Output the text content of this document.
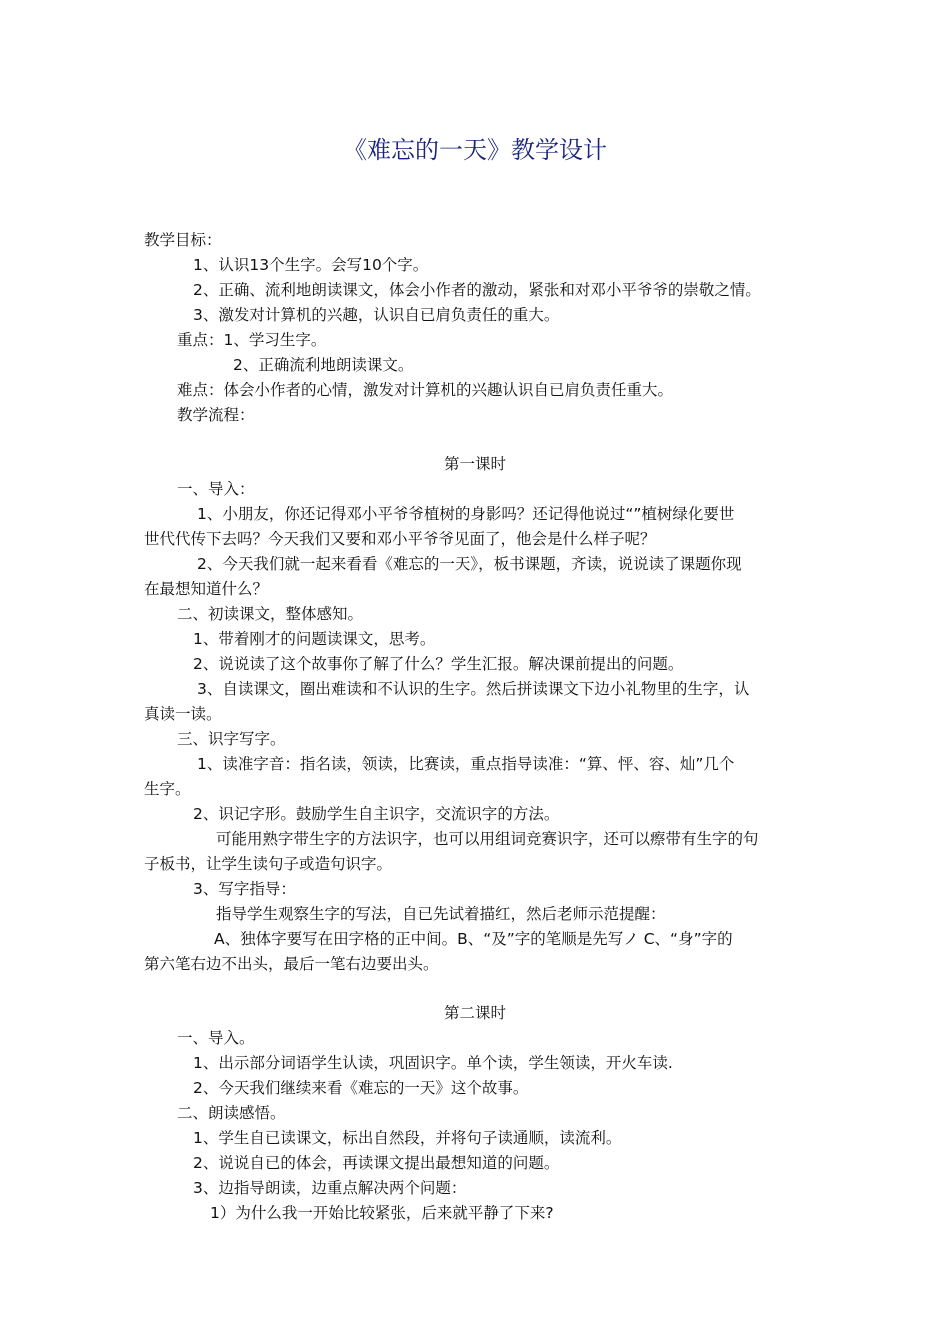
《难忘的一天》教学设计
教学目标：
1、认识13个生字。会写10个字。
2、正确、流利地朗读课文，体会小作者的激动，紧张和对邓小平爷爷的崇敬之情。
3、激发对计算机的兴趣，认识自已肩负责任的重大。
重点：1、学习生字。
2、正确流利地朗读课文。
难点：体会小作者的心情，激发对计算机的兴趣认识自已肩负责任重大。
教学流程：
第一课时
一、导入：
1、小朋友，你还记得邓小平爷爷植树的身影吗？还记得他说过“”植树绿化要世
世代代传下去吗？今天我们又要和邓小平爷爷见面了，他会是什么样子呢？
2、今天我们就一起来看看《难忘的一天》，板书课题，齐读，说说读了课题你现
在最想知道什么？
二、初读课文，整体感知。
1、带着刚才的问题读课文，思考。
2、说说读了这个故事你了解了什么？学生汇报。解决课前提出的问题。
3、自读课文，圈出难读和不认识的生字。然后拼读课文下边小礼物里的生字，认
真读一读。
三、识字写字。
1、读准字音：指名读，领读，比赛读，重点指导读准：“算、怦、容、灿”几个
生字。
2、识记字形。鼓励学生自主识字，交流识字的方法。
可能用熟字带生字的方法识字，也可以用组词竞赛识字，还可以瘵带有生字的句
子板书，让学生读句子或造句识字。
3、写字指导：
指导学生观察生字的写法，自已先试着描红，然后老师示范提醒：
A、独体字要写在田字格的正中间。B、“及”字的笔顺是先写ノ C、“身”字的
第六笔右边不出头，最后一笔右边要出头。
第二课时
一、导入。
1、出示部分词语学生认读，巩固识字。单个读，学生领读，开火车读.
2、今天我们继续来看《难忘的一天》这个故事。
二、朗读感悟。
1、学生自已读课文，标出自然段，并将句子读通顺，读流利。
2、说说自已的体会，再读课文提出最想知道的问题。
3、边指导朗读，边重点解决两个问题：
1）为什么我一开始比较紧张，后来就平静了下来?
